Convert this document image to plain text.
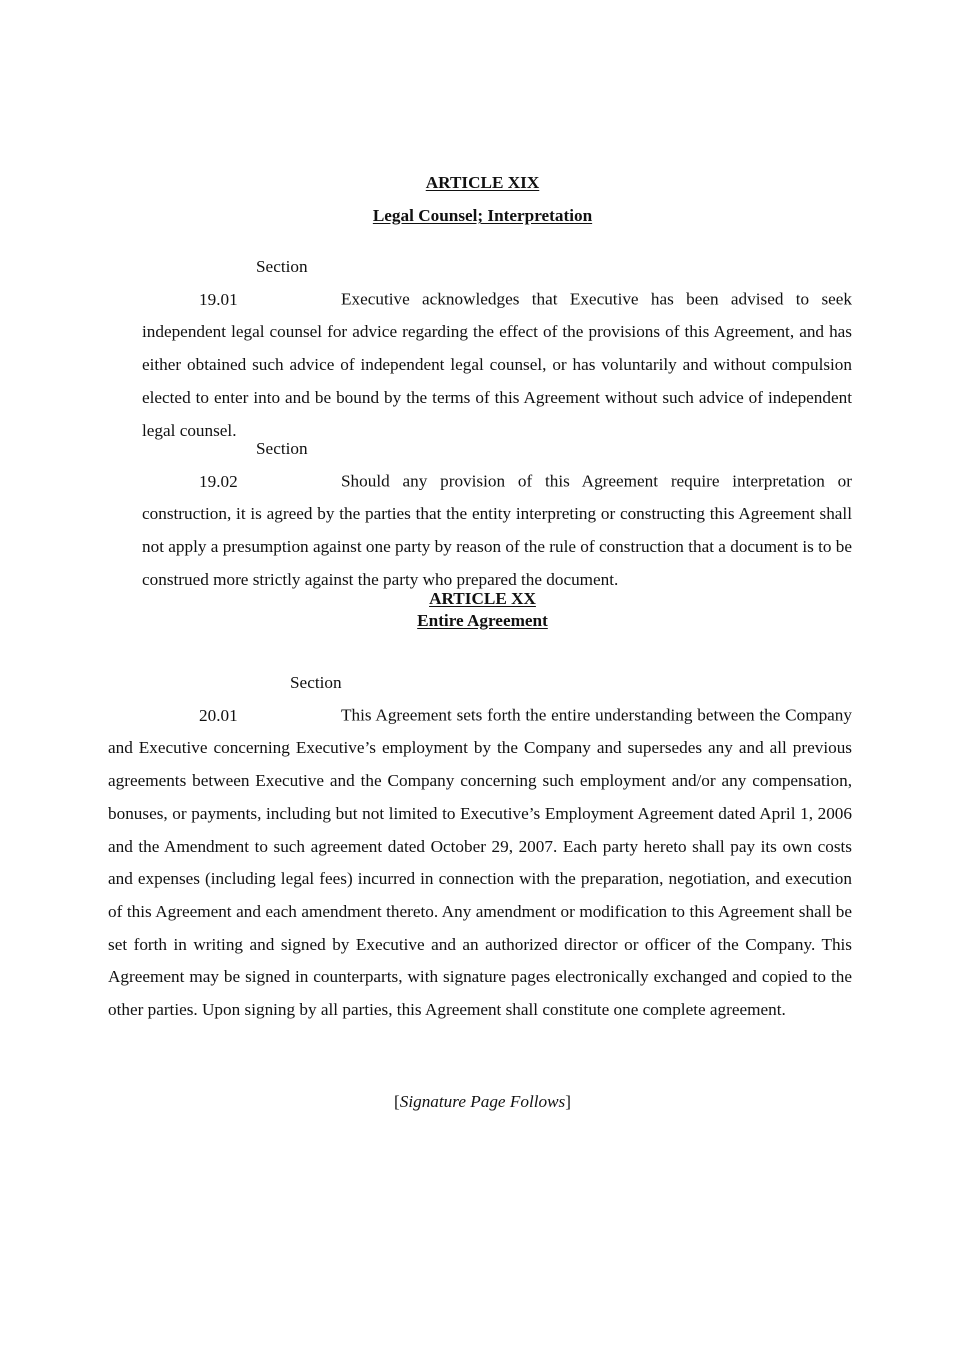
ARTICLE XIX
Legal Counsel; Interpretation

Section 19.01	Executive acknowledges that Executive has been advised to seek independent legal counsel for advice regarding the effect of the provisions of this Agreement, and has either obtained such advice of independent legal counsel, or has voluntarily and without compulsion elected to enter into and be bound by the terms of this Agreement without such advice of independent legal counsel.

Section 19.02	Should any provision of this Agreement require interpretation or construction, it is agreed by the parties that the entity interpreting or constructing this Agreement shall not apply a presumption against one party by reason of the rule of construction that a document is to be construed more strictly against the party who prepared the document.

ARTICLE XX
Entire Agreement

Section 20.01	This Agreement sets forth the entire understanding between the Company and Executive concerning Executive’s employment by the Company and supersedes any and all previous agreements between Executive and the Company concerning such employment and/or any compensation, bonuses, or payments, including but not limited to Executive’s Employment Agreement dated April 1, 2006 and the Amendment to such agreement dated October 29, 2007. Each party hereto shall pay its own costs and expenses (including legal fees) incurred in connection with the preparation, negotiation, and execution of this Agreement and each amendment thereto. Any amendment or modification to this Agreement shall be set forth in writing and signed by Executive and an authorized director or officer of the Company. This Agreement may be signed in counterparts, with signature pages electronically exchanged and copied to the other parties. Upon signing by all parties, this Agreement shall constitute one complete agreement.

[Signature Page Follows]
